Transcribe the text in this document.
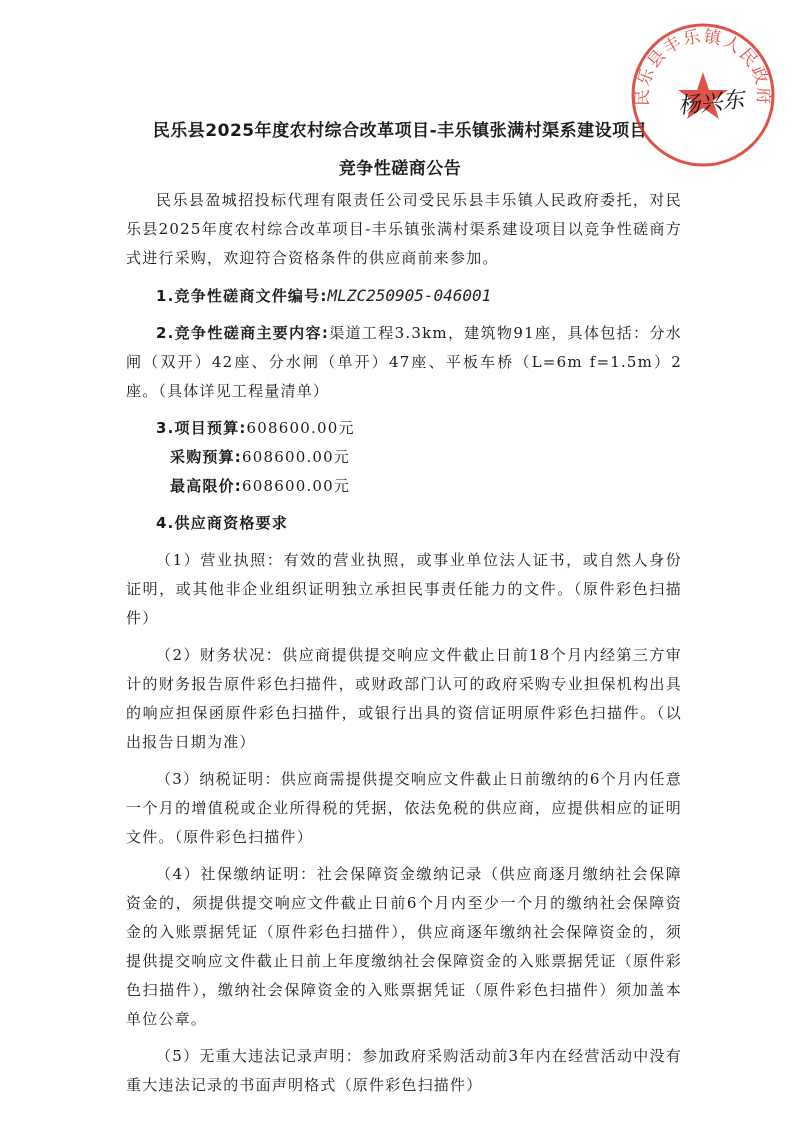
民乐县2025年度农村综合改革项目-丰乐镇张满村渠系建设项目
竞争性磋商公告

民乐县盈城招投标代理有限责任公司受民乐县丰乐镇人民政府委托，对民乐县2025年度农村综合改革项目-丰乐镇张满村渠系建设项目以竞争性磋商方式进行采购，欢迎符合资格条件的供应商前来参加。

1.竞争性磋商文件编号:MLZC250905-046001

2.竞争性磋商主要内容:渠道工程3.3km，建筑物91座，具体包括：分水闸（双开）42座、分水闸（单开）47座、平板车桥（L=6m f=1.5m）2座。（具体详见工程量清单）

3.项目预算:608600.00元

采购预算:608600.00元

最高限价:608600.00元

4.供应商资格要求

（1）营业执照：有效的营业执照，或事业单位法人证书，或自然人身份证明，或其他非企业组织证明独立承担民事责任能力的文件。（原件彩色扫描件）

（2）财务状况：供应商提供提交响应文件截止日前18个月内经第三方审计的财务报告原件彩色扫描件，或财政部门认可的政府采购专业担保机构出具的响应担保函原件彩色扫描件，或银行出具的资信证明原件彩色扫描件。（以出报告日期为准）

（3）纳税证明：供应商需提供提交响应文件截止日前缴纳的6个月内任意一个月的增值税或企业所得税的凭据，依法免税的供应商，应提供相应的证明文件。（原件彩色扫描件）

（4）社保缴纳证明：社会保障资金缴纳记录（供应商逐月缴纳社会保障资金的，须提供提交响应文件截止日前6个月内至少一个月的缴纳社会保障资金的入账票据凭证（原件彩色扫描件），供应商逐年缴纳社会保障资金的，须提供提交响应文件截止日前上年度缴纳社会保障资金的入账票据凭证（原件彩色扫描件），缴纳社会保障资金的入账票据凭证（原件彩色扫描件）须加盖本单位公章。

（5）无重大违法记录声明：参加政府采购活动前3年内在经营活动中没有重大违法记录的书面声明格式（原件彩色扫描件）

民乐县丰乐镇人民政府
杨兴东
